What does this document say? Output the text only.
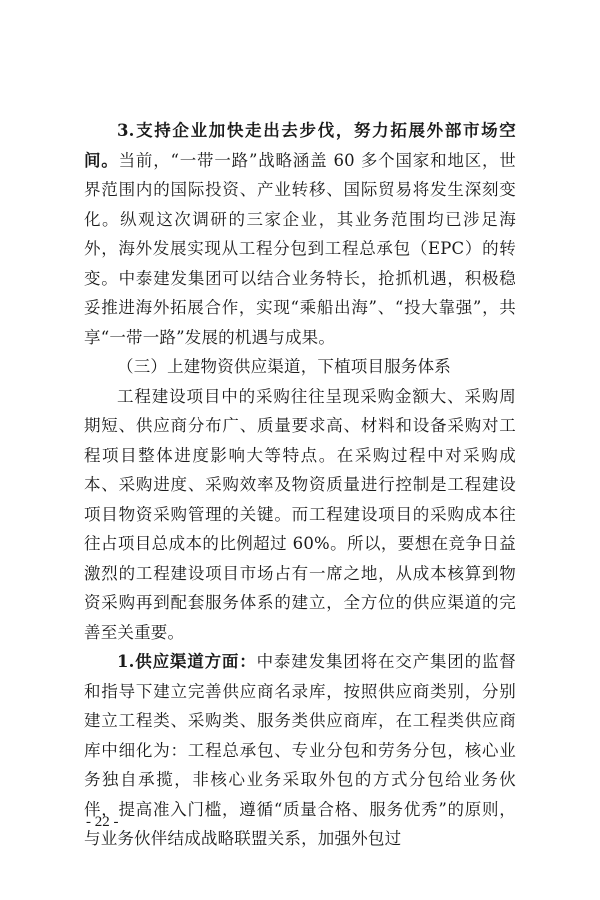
3.支持企业加快走出去步伐，努力拓展外部市场空间。当前，“一带一路”战略涵盖 60 多个国家和地区，世界范围内的国际投资、产业转移、国际贸易将发生深刻变化。纵观这次调研的三家企业，其业务范围均已涉足海外，海外发展实现从工程分包到工程总承包（EPC）的转变。中泰建发集团可以结合业务特长，抢抓机遇，积极稳妥推进海外拓展合作，实现“乘船出海”、“投大靠强”，共享“一带一路”发展的机遇与成果。

（三）上建物资供应渠道，下植项目服务体系

工程建设项目中的采购往往呈现采购金额大、采购周期短、供应商分布广、质量要求高、材料和设备采购对工程项目整体进度影响大等特点。在采购过程中对采购成本、采购进度、采购效率及物资质量进行控制是工程建设项目物资采购管理的关键。而工程建设项目的采购成本往往占项目总成本的比例超过 60%。所以，要想在竞争日益激烈的工程建设项目市场占有一席之地，从成本核算到物资采购再到配套服务体系的建立，全方位的供应渠道的完善至关重要。

1.供应渠道方面：中泰建发集团将在交产集团的监督和指导下建立完善供应商名录库，按照供应商类别，分别建立工程类、采购类、服务类供应商库，在工程类供应商库中细化为：工程总承包、专业分包和劳务分包，核心业务独自承揽，非核心业务采取外包的方式分包给业务伙伴，提高准入门槛，遵循“质量合格、服务优秀”的原则，与业务伙伴结成战略联盟关系，加强外包过

- 22 -
